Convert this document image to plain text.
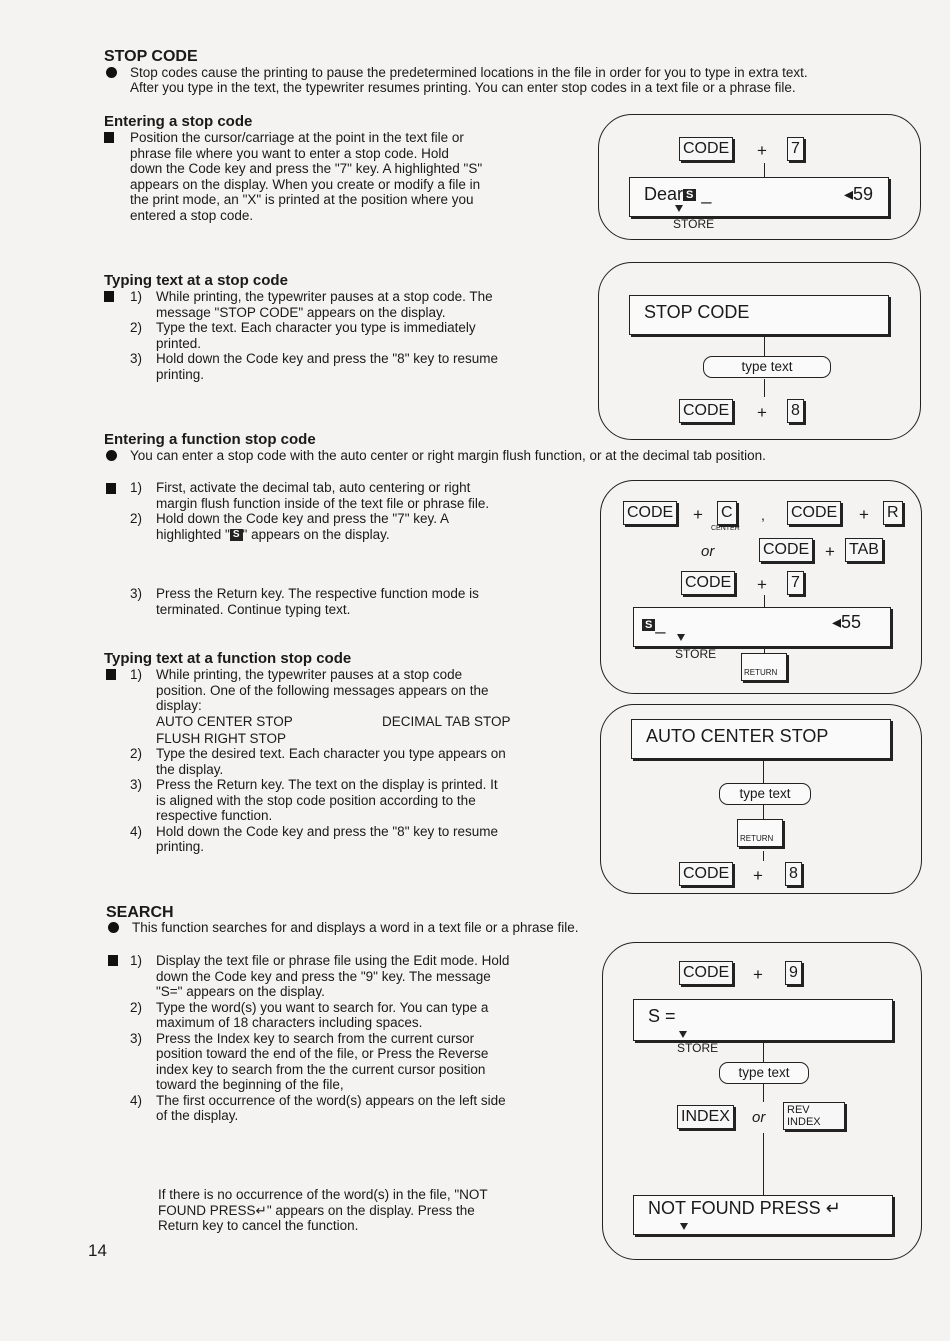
STOP CODE
Stop codes cause the printing to pause the predetermined locations in the file in order for you to type in extra text.
After you type in the text, the typewriter resumes printing. You can enter stop codes in a text file or a phrase file.
Entering a stop code
Position the cursor/carriage at the point in the text file or
phrase file where you want to enter a stop code. Hold
down the Code key and press the "7" key. A highlighted "S"
appears on the display. When you create or modify a file in
the print mode, an "X" is printed at the position where you
entered a stop code.
Typing text at a stop code
1) While printing, the typewriter pauses at a stop code. The
message "STOP CODE" appears on the display.
2) Type the text. Each character you type is immediately
printed.
3) Hold down the Code key and press the "8" key to resume
printing.
Entering a function stop code
You can enter a stop code with the auto center or right margin flush function, or at the decimal tab position.
1) First, activate the decimal tab, auto centering or right
margin flush function inside of the text file or phrase file.
2) Hold down the Code key and press the "7" key. A
highlighted " S " appears on the display.
3) Press the Return key. The respective function mode is
terminated. Continue typing text.
Typing text at a function stop code
1) While printing, the typewriter pauses at a stop code
position. One of the following messages appears on the
display:
AUTO CENTER STOP	DECIMAL TAB STOP
FLUSH RIGHT STOP
2) Type the desired text. Each character you type appears on
the display.
3) Press the Return key. The text on the display is printed. It
is aligned with the stop code position according to the
respective function.
4) Hold down the Code key and press the "8" key to resume
printing.
SEARCH
This function searches for and displays a word in a text file or a phrase file.
1) Display the text file or phrase file using the Edit mode. Hold
down the Code key and press the "9" key. The message
"S=" appears on the display.
2) Type the word(s) you want to search for. You can type a
maximum of 18 characters including spaces.
3) Press the Index key to search from the current cursor
position toward the end of the file, or Press the Reverse
index key to search from the the current cursor position
toward the beginning of the file,
4) The first occurrence of the word(s) appears on the left side
of the display.
If there is no occurrence of the word(s) in the file, "NOT
FOUND PRESS↵" appears on the display. Press the
Return key to cancel the function.
14
CODE + 7
Dear S _	◂59
STORE
STOP CODE
type text
CODE + 8
CODE + C
CENTER
, CODE + R
or	CODE + TAB
CODE + 7
S _	◂55
STORE
RETURN
AUTO CENTER STOP
type text
RETURN
CODE + 8
CODE + 9
S =
STORE
type text
INDEX or REV
INDEX
NOT FOUND PRESS ↵
